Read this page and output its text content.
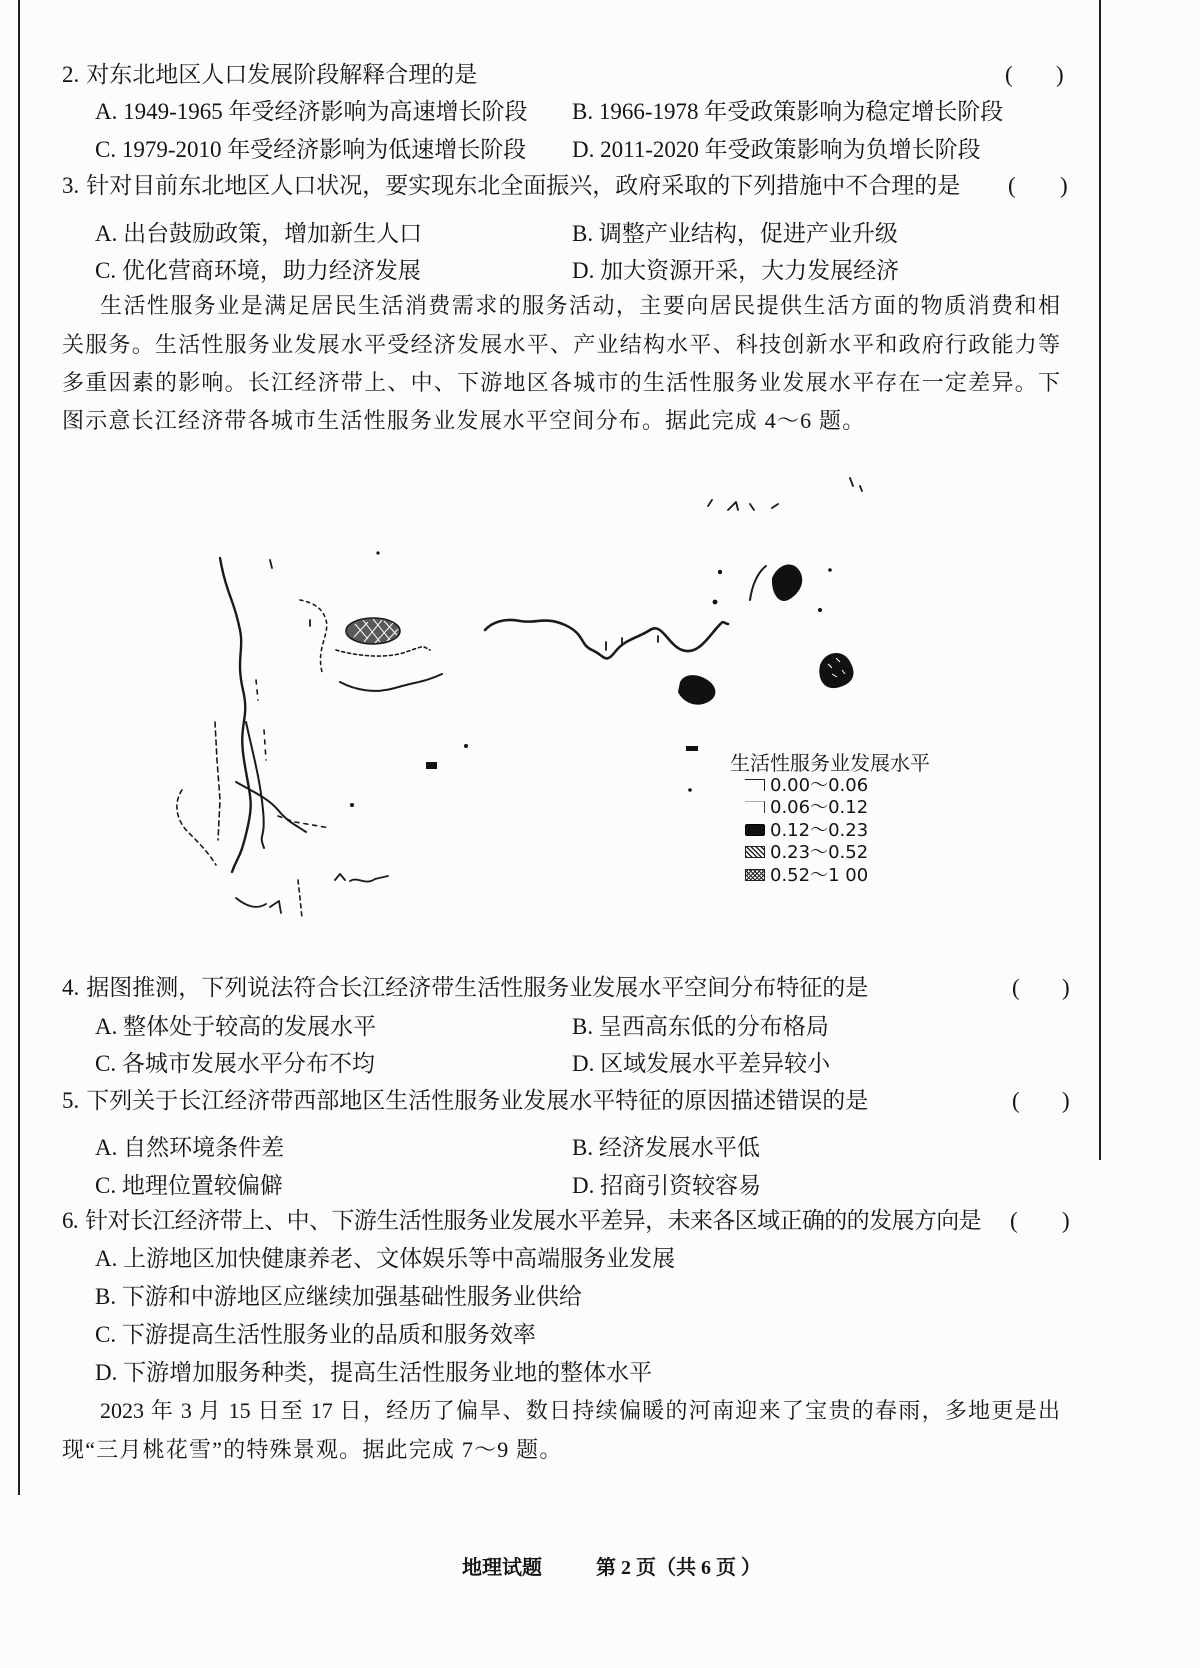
2. 对东北地区人口发展阶段解释合理的是	( )
A. 1949-1965 年受经济影响为高速增长阶段 B. 1966-1978 年受政策影响为稳定增长阶段
C. 1979-2010 年受经济影响为低速增长阶段 D. 2011-2020 年受政策影响为负增长阶段
3. 针对目前东北地区人口状况，要实现东北全面振兴，政府采取的下列措施中不合理的是 ( )
A. 出台鼓励政策，增加新生人口	B. 调整产业结构，促进产业升级
C. 优化营商环境，助力经济发展	D. 加大资源开采，大力发展经济
生活性服务业是满足居民生活消费需求的服务活动，主要向居民提供生活方面的物质消费和相
关服务。生活性服务业发展水平受经济发展水平、产业结构水平、科技创新水平和政府行政能力等
多重因素的影响。长江经济带上、中、下游地区各城市的生活性服务业发展水平存在一定差异。下
图示意长江经济带各城市生活性服务业发展水平空间分布。据此完成 4～6 题。
生活性服务业发展水平
0.00～0.06
0.06～0.12
0.12～0.23
0.23～0.52
0.52～1 00
4. 据图推测，下列说法符合长江经济带生活性服务业发展水平空间分布特征的是	( )
A. 整体处于较高的发展水平	B. 呈西高东低的分布格局
C. 各城市发展水平分布不均	D. 区域发展水平差异较小
5. 下列关于长江经济带西部地区生活性服务业发展水平特征的原因描述错误的是	( )
A. 自然环境条件差	B. 经济发展水平低
C. 地理位置较偏僻	D. 招商引资较容易
6. 针对长江经济带上、中、下游生活性服务业发展水平差异，未来各区域正确的的发展方向是 ( )
A. 上游地区加快健康养老、文体娱乐等中高端服务业发展
B. 下游和中游地区应继续加强基础性服务业供给
C. 下游提高生活性服务业的品质和服务效率
D. 下游增加服务种类，提高生活性服务业地的整体水平
2023 年 3 月 15 日至 17 日，经历了偏旱、数日持续偏暖的河南迎来了宝贵的春雨，多地更是出
现“三月桃花雪”的特殊景观。据此完成 7～9 题。
地理试题	第 2 页（共 6 页 ）
